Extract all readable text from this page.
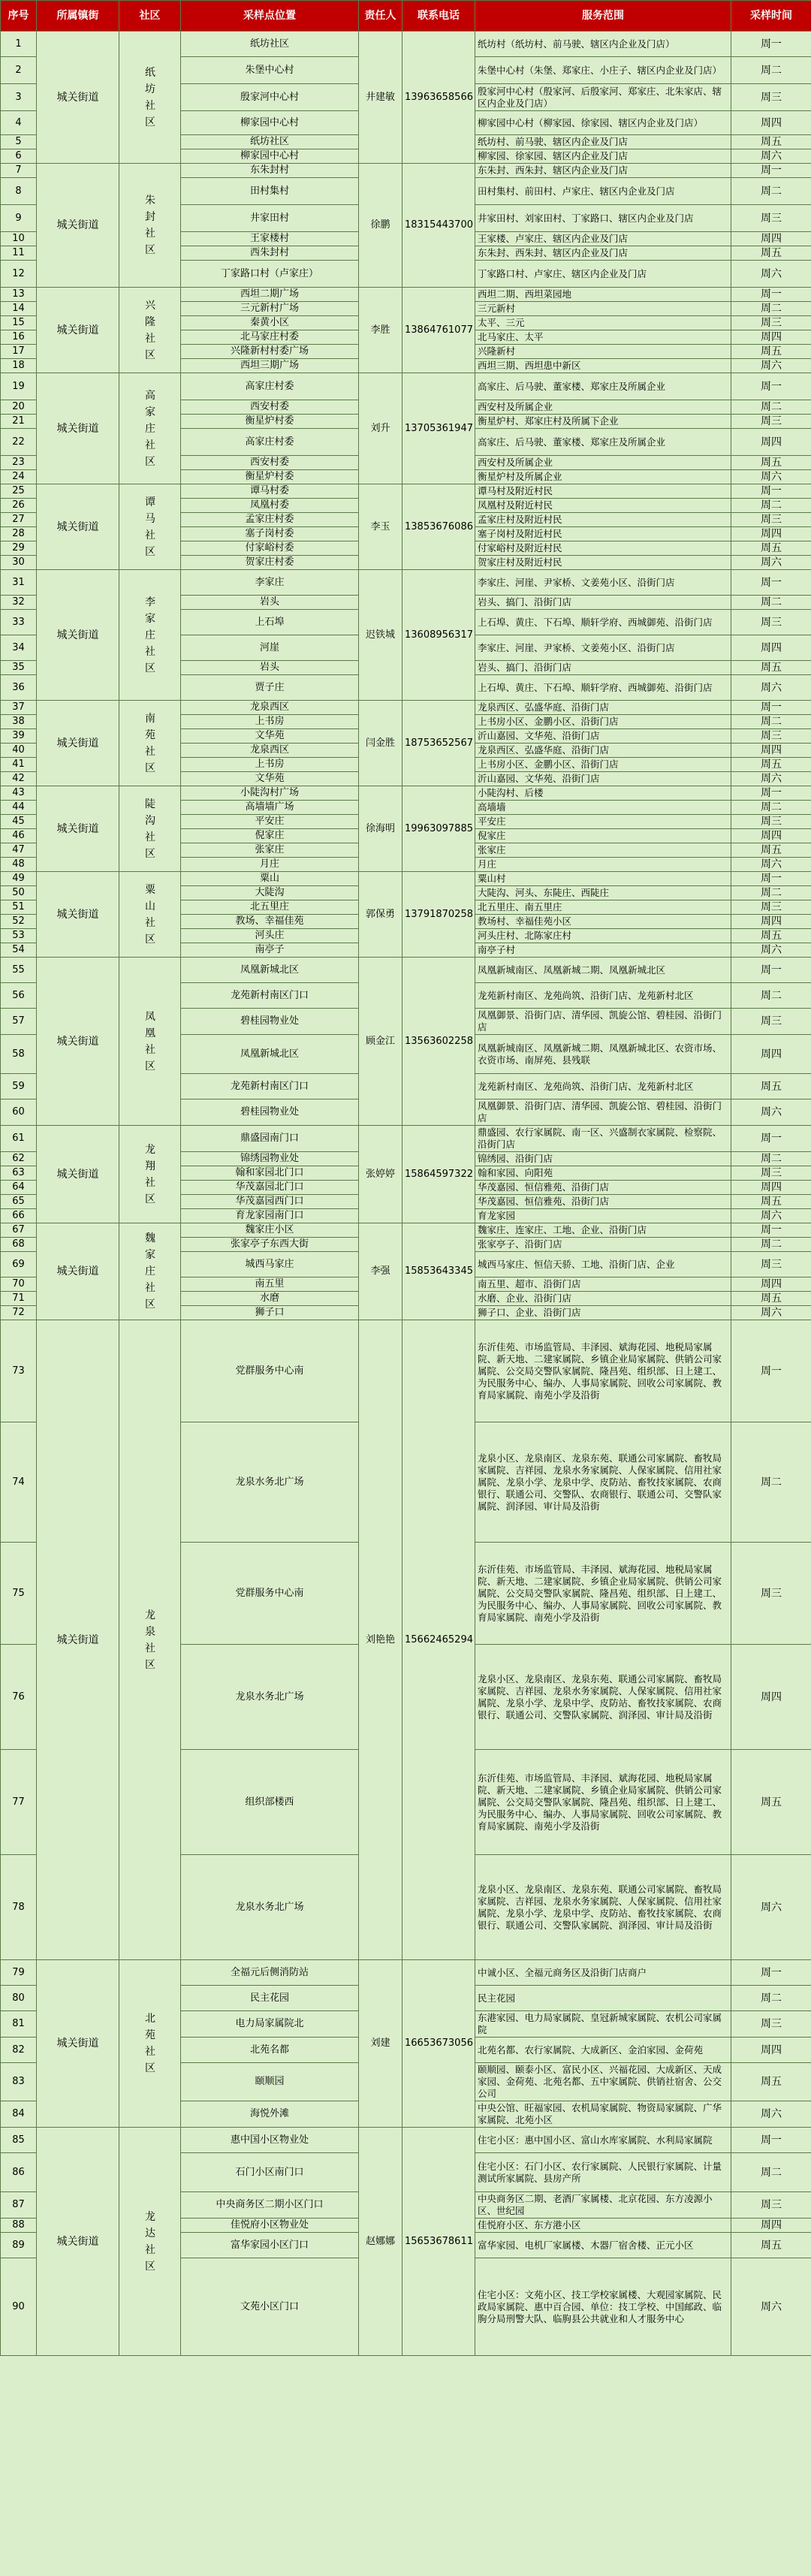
序号	所属镇街	社区	采样点位置	责任人	联系电话	服务范围	采样时间
1	城关街道	纸坊社区	纸坊社区	井建敏	13963658566	纸坊村（纸坊村、前马驶、辖区内企业及门店）	周一
2			朱堡中心村			朱堡中心村（朱堡、郑家庄、小庄子、辖区内企业及门店）	周二
3			殷家河中心村			殷家河中心村（殷家河、后殷家河、郑家庄、北朱家店、辖区内企业及门店）	周三
4			柳家园中心村			柳家园中心村（柳家园、徐家园、辖区内企业及门店）	周四
5			纸坊社区			纸坊村、前马驶、辖区内企业及门店	周五
6			柳家园中心村			柳家园、徐家园、辖区内企业及门店	周六
7	城关街道	朱封社区	东朱封村	徐鹏	18315443700	东朱封、西朱封、辖区内企业及门店	周一
8			田村集村			田村集村、前田村、卢家庄、辖区内企业及门店	周二
9			井家田村			井家田村、刘家田村、丁家路口、辖区内企业及门店	周三
10			王家楼村			王家楼、卢家庄、辖区内企业及门店	周四
11			西朱封村			东朱封、西朱封、辖区内企业及门店	周五
12			丁家路口村（卢家庄）			丁家路口村、卢家庄、辖区内企业及门店	周六
13	城关街道	兴隆社区	西坦二期广场	李胜	13864761077	西坦二期、西坦菜园地	周一
14			三元新村广场			三元新村	周二
15			秦黄小区			太平、三元	周三
16			北马家庄村委			北马家庄、太平	周四
17			兴隆新村村委广场			兴隆新村	周五
18			西坦三期广场			西坦三期、西坦患中新区	周六
19	城关街道	高家庄社区	高家庄村委	刘升	13705361947	高家庄、后马驶、董家楼、郑家庄及所属企业	周一
20			西安村委			西安村及所属企业	周二
21			衡星炉村委			衡星炉村、郑家庄村及所属下企业	周三
22			高家庄村委			高家庄、后马驶、董家楼、郑家庄及所属企业	周四
23			西安村委			西安村及所属企业	周五
24			衡星炉村委			衡星炉村及所属企业	周六
25	城关街道	谭马社区	谭马村委	李玉	13853676086	谭马村及附近村民	周一
26			凤凰村委			凤凰村及附近村民	周二
27			孟家庄村委			孟家庄村及附近村民	周三
28			塞子岗村委			塞子岗村及附近村民	周四
29			付家峪村委			付家峪村及附近村民	周五
30			贺家庄村委			贺家庄村及附近村民	周六
31	城关街道	李家庄社区	李家庄	迟铁城	13608956317	李家庄、河崖、尹家桥、文姜苑小区、沿街门店	周一
32			岩头			岩头、搞门、沿街门店	周二
33			上石埠			上石埠、黄庄、下石埠、顺轩学府、西城御苑、沿街门店	周三
34			河崖			李家庄、河崖、尹家桥、文姜苑小区、沿街门店	周四
35			岩头			岩头、搞门、沿街门店	周五
36			贾子庄			上石埠、黄庄、下石埠、顺轩学府、西城御苑、沿街门店	周六
37	城关街道	南苑社区	龙泉西区	闫金胜	18753652567	龙泉西区、弘盛华庭、沿街门店	周一
38			上书房			上书房小区、金鹏小区、沿街门店	周二
39			文华苑			沂山嘉园、文华苑、沿街门店	周三
40			龙泉西区			龙泉西区、弘盛华庭、沿街门店	周四
41			上书房			上书房小区、金鹏小区、沿街门店	周五
42			文华苑			沂山嘉园、文华苑、沿街门店	周六
43	城关街道	陡沟社区	小陡沟村广场	徐海明	19963097885	小陡沟村、后楼	周一
44			高墙墙广场			高墙墙	周二
45			平安庄			平安庄	周三
46			倪家庄			倪家庄	周四
47			张家庄			张家庄	周五
48			月庄			月庄	周六
49	城关街道	粟山社区	粟山	郭保勇	13791870258	粟山村	周一
50			大陡沟			大陡沟、河头、东陡庄、西陡庄	周二
51			北五里庄			北五里庄、南五里庄	周三
52			教场、幸福佳苑			教场村、幸福佳苑小区	周四
53			河头庄			河头庄村、北陈家庄村	周五
54			南亭子			南亭子村	周六
55	城关街道	凤凰社区	凤凰新城北区	顾金江	13563602258	凤凰新城南区、凤凰新城二期、凤凰新城北区	周一
56			龙苑新村南区门口			龙苑新村南区、龙苑尚筑、沿街门店、龙苑新村北区	周二
57			碧桂园物业处			凤凰御景、沿街门店、清华园、凯旋公馆、碧桂园、沿街门店	周三
58			凤凰新城北区			凤凰新城南区、凤凰新城二期、凤凰新城北区、农资市场、衣资市场、南屏苑、县残联	周四
59			龙苑新村南区门口			龙苑新村南区、龙苑尚筑、沿街门店、龙苑新村北区	周五
60			碧桂园物业处			凤凰御景、沿街门店、清华园、凯旋公馆、碧桂园、沿街门店	周六
61	城关街道	龙翔社区	鼎盛园南门口	张婷婷	15864597322	鼎盛园、农行家属院、南一区、兴盛制衣家属院、检察院、沿街门店	周一
62			锦绣园物业处			锦绣园、沿街门店	周二
63			翰和家园北门口			翰和家园、向阳苑	周三
64			华茂嘉园北门口			华茂嘉园、恒信雅苑、沿街门店	周四
65			华茂嘉园西门口			华茂嘉园、恒信雅苑、沿街门店	周五
66			育龙家园南门口			育龙家园	周六
67	城关街道	魏家庄社区	魏家庄小区	李强	15853643345	魏家庄、连家庄、工地、企业、沿街门店	周一
68			张家亭子东西大街			张家亭子、沿街门店	周二
69			城西马家庄			城西马家庄、恒信天骄、工地、沿街门店、企业	周三
70			南五里			南五里、超市、沿街门店	周四
71			水磨			水磨、企业、沿街门店	周五
72			狮子口			狮子口、企业、沿街门店	周六
73	城关街道	龙泉社区	党群服务中心南	刘艳艳	15662465294	东沂佳苑、市场监管局、丰泽园、斌海花园、地税局家属院、新天地、二建家属院、乡镇企业局家属院、供销公司家属院、公交局交警队家属院、隆昌苑、组织部、日上建工、为民服务中心、编办、人事局家属院、回收公司家属院、教育局家属院、南苑小学及沿街	周一
74			龙泉水务北广场			龙泉小区、龙泉南区、龙泉东苑、联通公司家属院、畜牧局家属院、吉祥园、龙泉水务家属院、人保家属院、信用社家属院、龙泉小学、龙泉中学、皮防站、畜牧技家属院、农商银行、联通公司、交警队、农商银行、联通公司、交警队家属院、润泽园、审计局及沿街	周二
75			党群服务中心南			东沂佳苑、市场监管局、丰泽园、斌海花园、地税局家属院、新天地、二建家属院、乡镇企业局家属院、供销公司家属院、公交局交警队家属院、隆昌苑、组织部、日上建工、为民服务中心、编办、人事局家属院、回收公司家属院、教育局家属院、南苑小学及沿街	周三
76			龙泉水务北广场			龙泉小区、龙泉南区、龙泉东苑、联通公司家属院、畜牧局家属院、吉祥园、龙泉水务家属院、人保家属院、信用社家属院、龙泉小学、龙泉中学、皮防站、畜牧技家属院、农商银行、联通公司、交警队家属院、润泽园、审计局及沿街	周四
77			组织部楼西			东沂佳苑、市场监管局、丰泽园、斌海花园、地税局家属院、新天地、二建家属院、乡镇企业局家属院、供销公司家属院、公交局交警队家属院、隆昌苑、组织部、日上建工、为民服务中心、编办、人事局家属院、回收公司家属院、教育局家属院、南苑小学及沿街	周五
78			龙泉水务北广场			龙泉小区、龙泉南区、龙泉东苑、联通公司家属院、畜牧局家属院、吉祥园、龙泉水务家属院、人保家属院、信用社家属院、龙泉小学、龙泉中学、皮防站、畜牧技家属院、农商银行、联通公司、交警队家属院、润泽园、审计局及沿街	周六
79	城关街道	北苑社区	全福元后侧消防站	刘建	16653673056	中诚小区、全福元商务区及沿街门店商户	周一
80			民主花园			民主花园	周二
81			电力局家属院北			东港家园、电力局家属院、皇冠新城家属院、农机公司家属院	周三
82			北苑名都			北苑名都、农行家属院、大成新区、金泊家园、金荷苑	周四
83			颐顺园			颐顺园、颐泰小区、富民小区、兴福花园、大成新区、天成家园、金荷苑、北苑名都、五中家属院、供销社宿舍、公交公司	周五
84			海悦外滩			中央公馆、旺福家园、农机局家属院、物资局家属院、广华家属院、北苑小区	周六
85	城关街道	龙达社区	惠中国小区物业处	赵娜娜	15653678611	住宅小区：惠中国小区、富山水库家属院、水利局家属院	周一
86			石门小区南门口			住宅小区：石门小区、农行家属院、人民银行家属院、计量测试所家属院、县房产所	周二
87			中央商务区二期小区门口			中央商务区二期、老酒厂家属楼、北京花园、东方凌源小区、世纪园	周三
88			佳悦府小区物业处			佳悦府小区、东方港小区	周四
89			富华家园小区门口			富华家园、电机厂家属楼、木器厂宿舍楼、正元小区	周五
90			文苑小区门口			住宅小区：文苑小区、技工学校家属楼、大观园家属院、民政局家属院、惠中百合园、单位：技工学校、中国邮政、临朐分局刑警大队、临朐县公共就业和人才服务中心	周六
